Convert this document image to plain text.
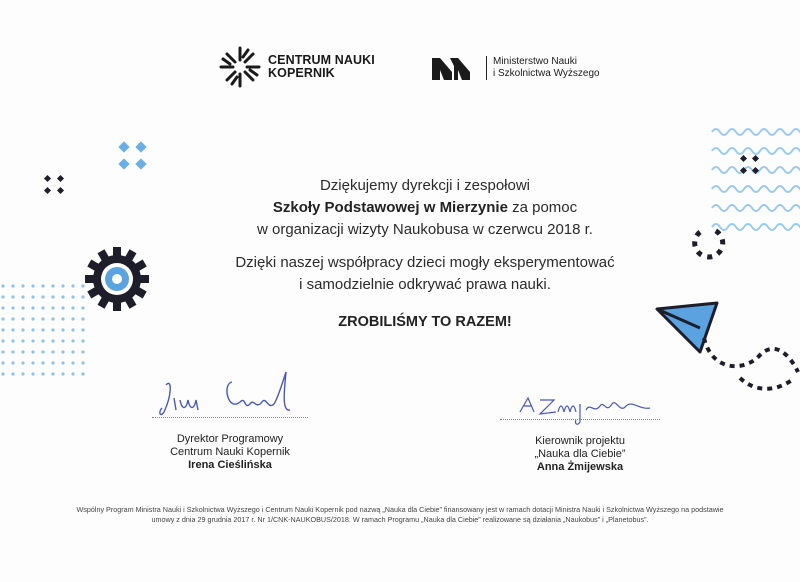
CENTRUM NAUKI
KOPERNIK
Ministerstwo Nauki
i Szkolnictwa Wyższego
Dziękujemy dyrekcji i zespołowi
Szkoły Podstawowej w Mierzynie za pomoc
w organizacji wizyty Naukobusa w czerwcu 2018 r.
Dzięki naszej współpracy dzieci mogły eksperymentować
i samodzielnie odkrywać prawa nauki.
ZROBILIŚMY TO RAZEM!
Dyrektor Programowy
Centrum Nauki Kopernik
Irena Cieślińska
Kierownik projektu
„Nauka dla Ciebie”
Anna Żmijewska
Wspólny Program Ministra Nauki i Szkolnictwa Wyższego i Centrum Nauki Kopernik pod nazwą „Nauka dla Ciebie” finansowany jest w ramach dotacji Ministra Nauki i Szkolnictwa Wyższego na podstawie
umowy z dnia 29 grudnia 2017 r. Nr 1/CNK-NAUKOBUS/2018. W ramach Programu „Nauka dla Ciebie” realizowane są działania „Naukobus” i „Planetobus”.
